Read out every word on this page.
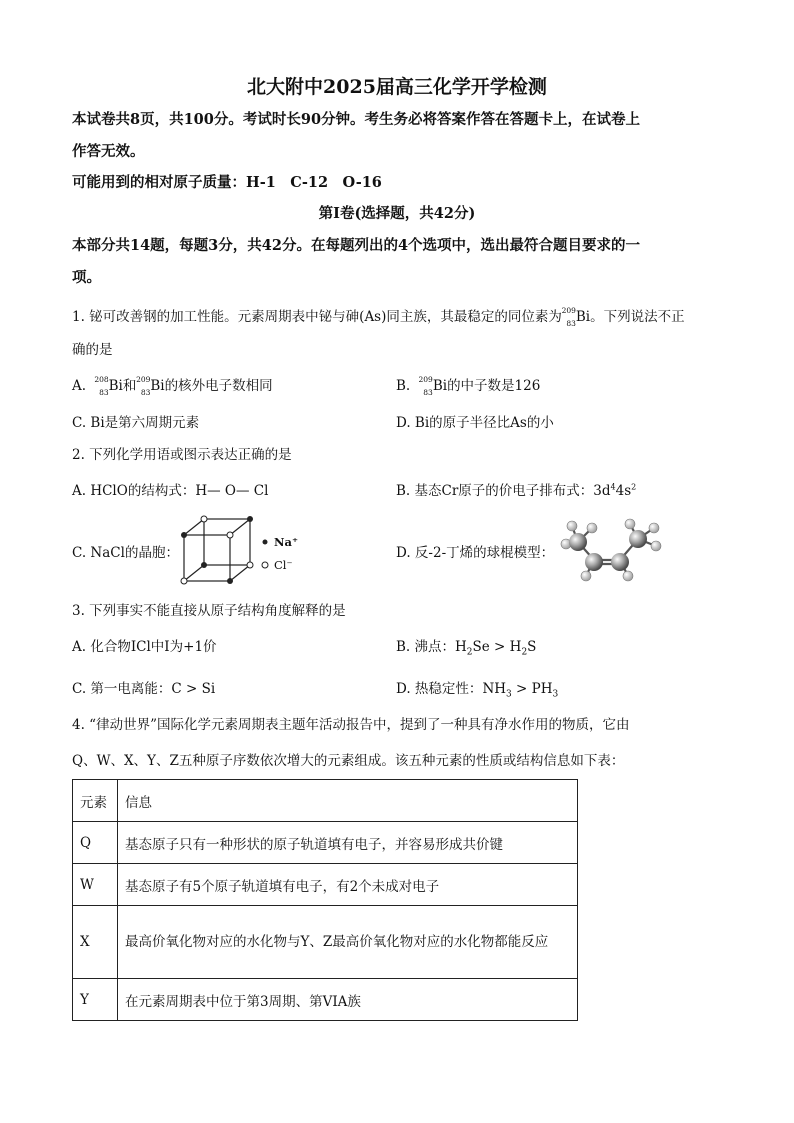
北大附中2025届高三化学开学检测
本试卷共8页，共100分。考试时长90分钟。考生务必将答案作答在答题卡上，在试卷上
作答无效。
可能用到的相对原子质量：H-1　C-12　O-16
第I卷(选择题，共42分)
本部分共14题，每题3分，共42分。在每题列出的4个选项中，选出最符合题目要求的一
项。
1. 铋可改善钢的加工性能。元素周期表中铋与砷(As)同主族，其最稳定的同位素为 209
83 Bi。下列说法不正
确的是
A. 208
83 Bi和 209
83 Bi的核外电子数相同	B. 209
83 Bi的中子数是126
C. Bi是第六周期元素	D. Bi的原子半径比As的小
2. 下列化学用语或图示表达正确的是
A. HClO的结构式：H— O— Cl	B. 基态Cr原子的价电子排布式：$3d^44s^2$
C. NaCl的晶胞：
Na⁺
Cl⁻
D. 反-2-丁烯的球棍模型：
3. 下列事实不能直接从原子结构角度解释的是
A. 化合物ICl中I为+1价	B. 沸点：$H_2Se > H_2S$
C. 第一电离能：C > Si	D. 热稳定性：$NH_3 > PH_3$
4. “律动世界”国际化学元素周期表主题年活动报告中，提到了一种具有净水作用的物质，它由
Q、W、X、Y、Z五种原子序数依次增大的元素组成。该五种元素的性质或结构信息如下表：
元素	信息
Q	基态原子只有一种形状的原子轨道填有电子，并容易形成共价键
W	基态原子有5个原子轨道填有电子，有2个未成对电子
X	最高价氧化物对应的水化物与Y、Z最高价氧化物对应的水化物都能反应
Y	在元素周期表中位于第3周期、第VIA族
